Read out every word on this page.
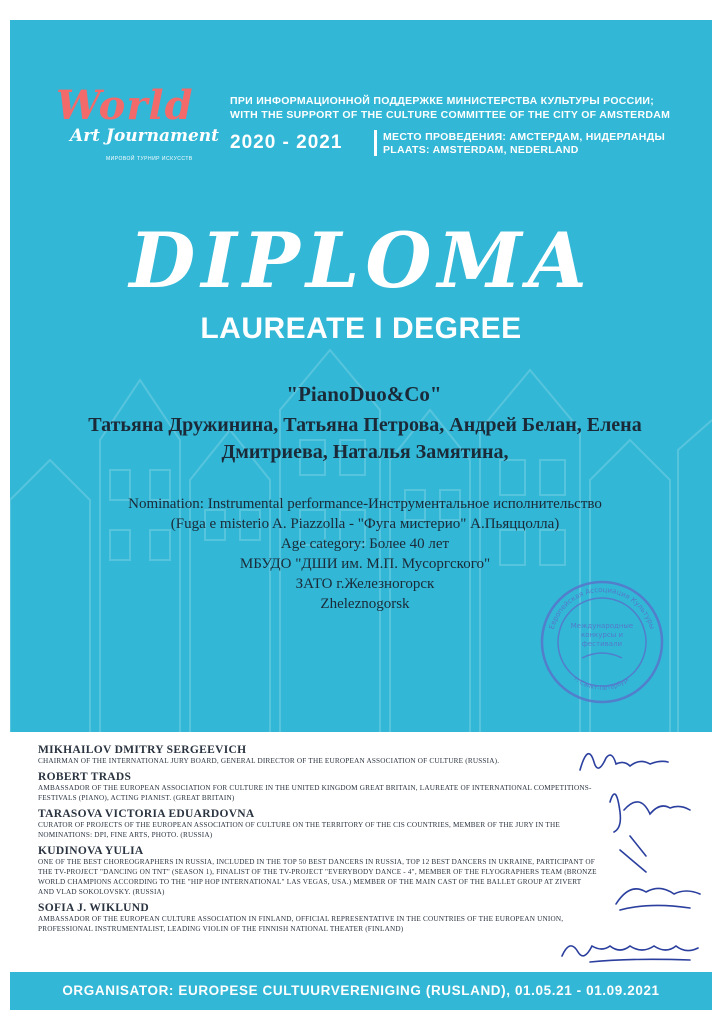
World
Art Journament
МИРОВОЙ ТУРНИР ИСКУССТВ
ПРИ ИНФОРМАЦИОННОЙ ПОДДЕРЖКЕ МИНИСТЕРСТВА КУЛЬТУРЫ РОССИИ;
WITH THE SUPPORT OF THE CULTURE COMMITTEE OF THE CITY OF AMSTERDAM
2020 - 2021	МЕСТО ПРОВЕДЕНИЯ: АМСТЕРДАМ, НИДЕРЛАНДЫ
PLAATS: AMSTERDAM, NEDERLAND
DIPLOMA
LAUREATE I DEGREE
"PianoDuo&Co"
Татьяна Дружинина, Татьяна Петрова, Андрей Белан, Елена Дмитриева, Наталья Замятина,
Nomination: Instrumental performance-Инструментальное исполнительство
(Fuga e misterio A. Piazzolla - "Фуга мистерио" А.Пьяццолла)
Age category: Более 40 лет
МБУДО "ДШИ им. М.П. Мусоргского"
ЗАТО г.Железногорск
Zheleznogorsk
Европейская Ассоциация Культуры
г. Санкт-Петербург
Международные конкурсы и фестивали
MIKHAILOV DMITRY SERGEEVICH
CHAIRMAN OF THE INTERNATIONAL JURY BOARD, GENERAL DIRECTOR OF THE EUROPEAN ASSOCIATION OF CULTURE (RUSSIA).
ROBERT TRADS
AMBASSADOR OF THE EUROPEAN ASSOCIATION FOR CULTURE IN THE UNITED KINGDOM GREAT BRITAIN, LAUREATE OF INTERNATIONAL COMPETITIONS-FESTIVALS (PIANO), ACTING PIANIST. (GREAT BRITAIN)
TARASOVA VICTORIA EDUARDOVNA
CURATOR OF PROJECTS OF THE EUROPEAN ASSOCIATION OF CULTURE ON THE TERRITORY OF THE CIS COUNTRIES, MEMBER OF THE JURY IN THE NOMINATIONS: DPI, FINE ARTS, PHOTO. (RUSSIA)
KUDINOVA YULIA
ONE OF THE BEST CHOREOGRAPHERS IN RUSSIA, INCLUDED IN THE TOP 50 BEST DANCERS IN RUSSIA, TOP 12 BEST DANCERS IN UKRAINE, PARTICIPANT OF THE TV-PROJECT "DANCING ON TNT" (SEASON 1), FINALIST OF THE TV-PROJECT "EVERYBODY DANCE - 4", MEMBER OF THE FLYOGRAPHERS TEAM (BRONZE WORLD CHAMPIONS ACCORDING TO THE "HIP HOP INTERNATIONAL" LAS VEGAS, USA.) MEMBER OF THE MAIN CAST OF THE BALLET GROUP AT ZIVERT AND VLAD SOKOLOVSKY. (RUSSIA)
SOFIA J. WIKLUND
AMBASSADOR OF THE EUROPEAN CULTURE ASSOCIATION IN FINLAND, OFFICIAL REPRESENTATIVE IN THE COUNTRIES OF THE EUROPEAN UNION, PROFESSIONAL INSTRUMENTALIST, LEADING VIOLIN OF THE FINNISH NATIONAL THEATER (FINLAND)
ORGANISATOR: EUROPESE CULTUURVERENIGING (RUSLAND), 01.05.21 - 01.09.2021
